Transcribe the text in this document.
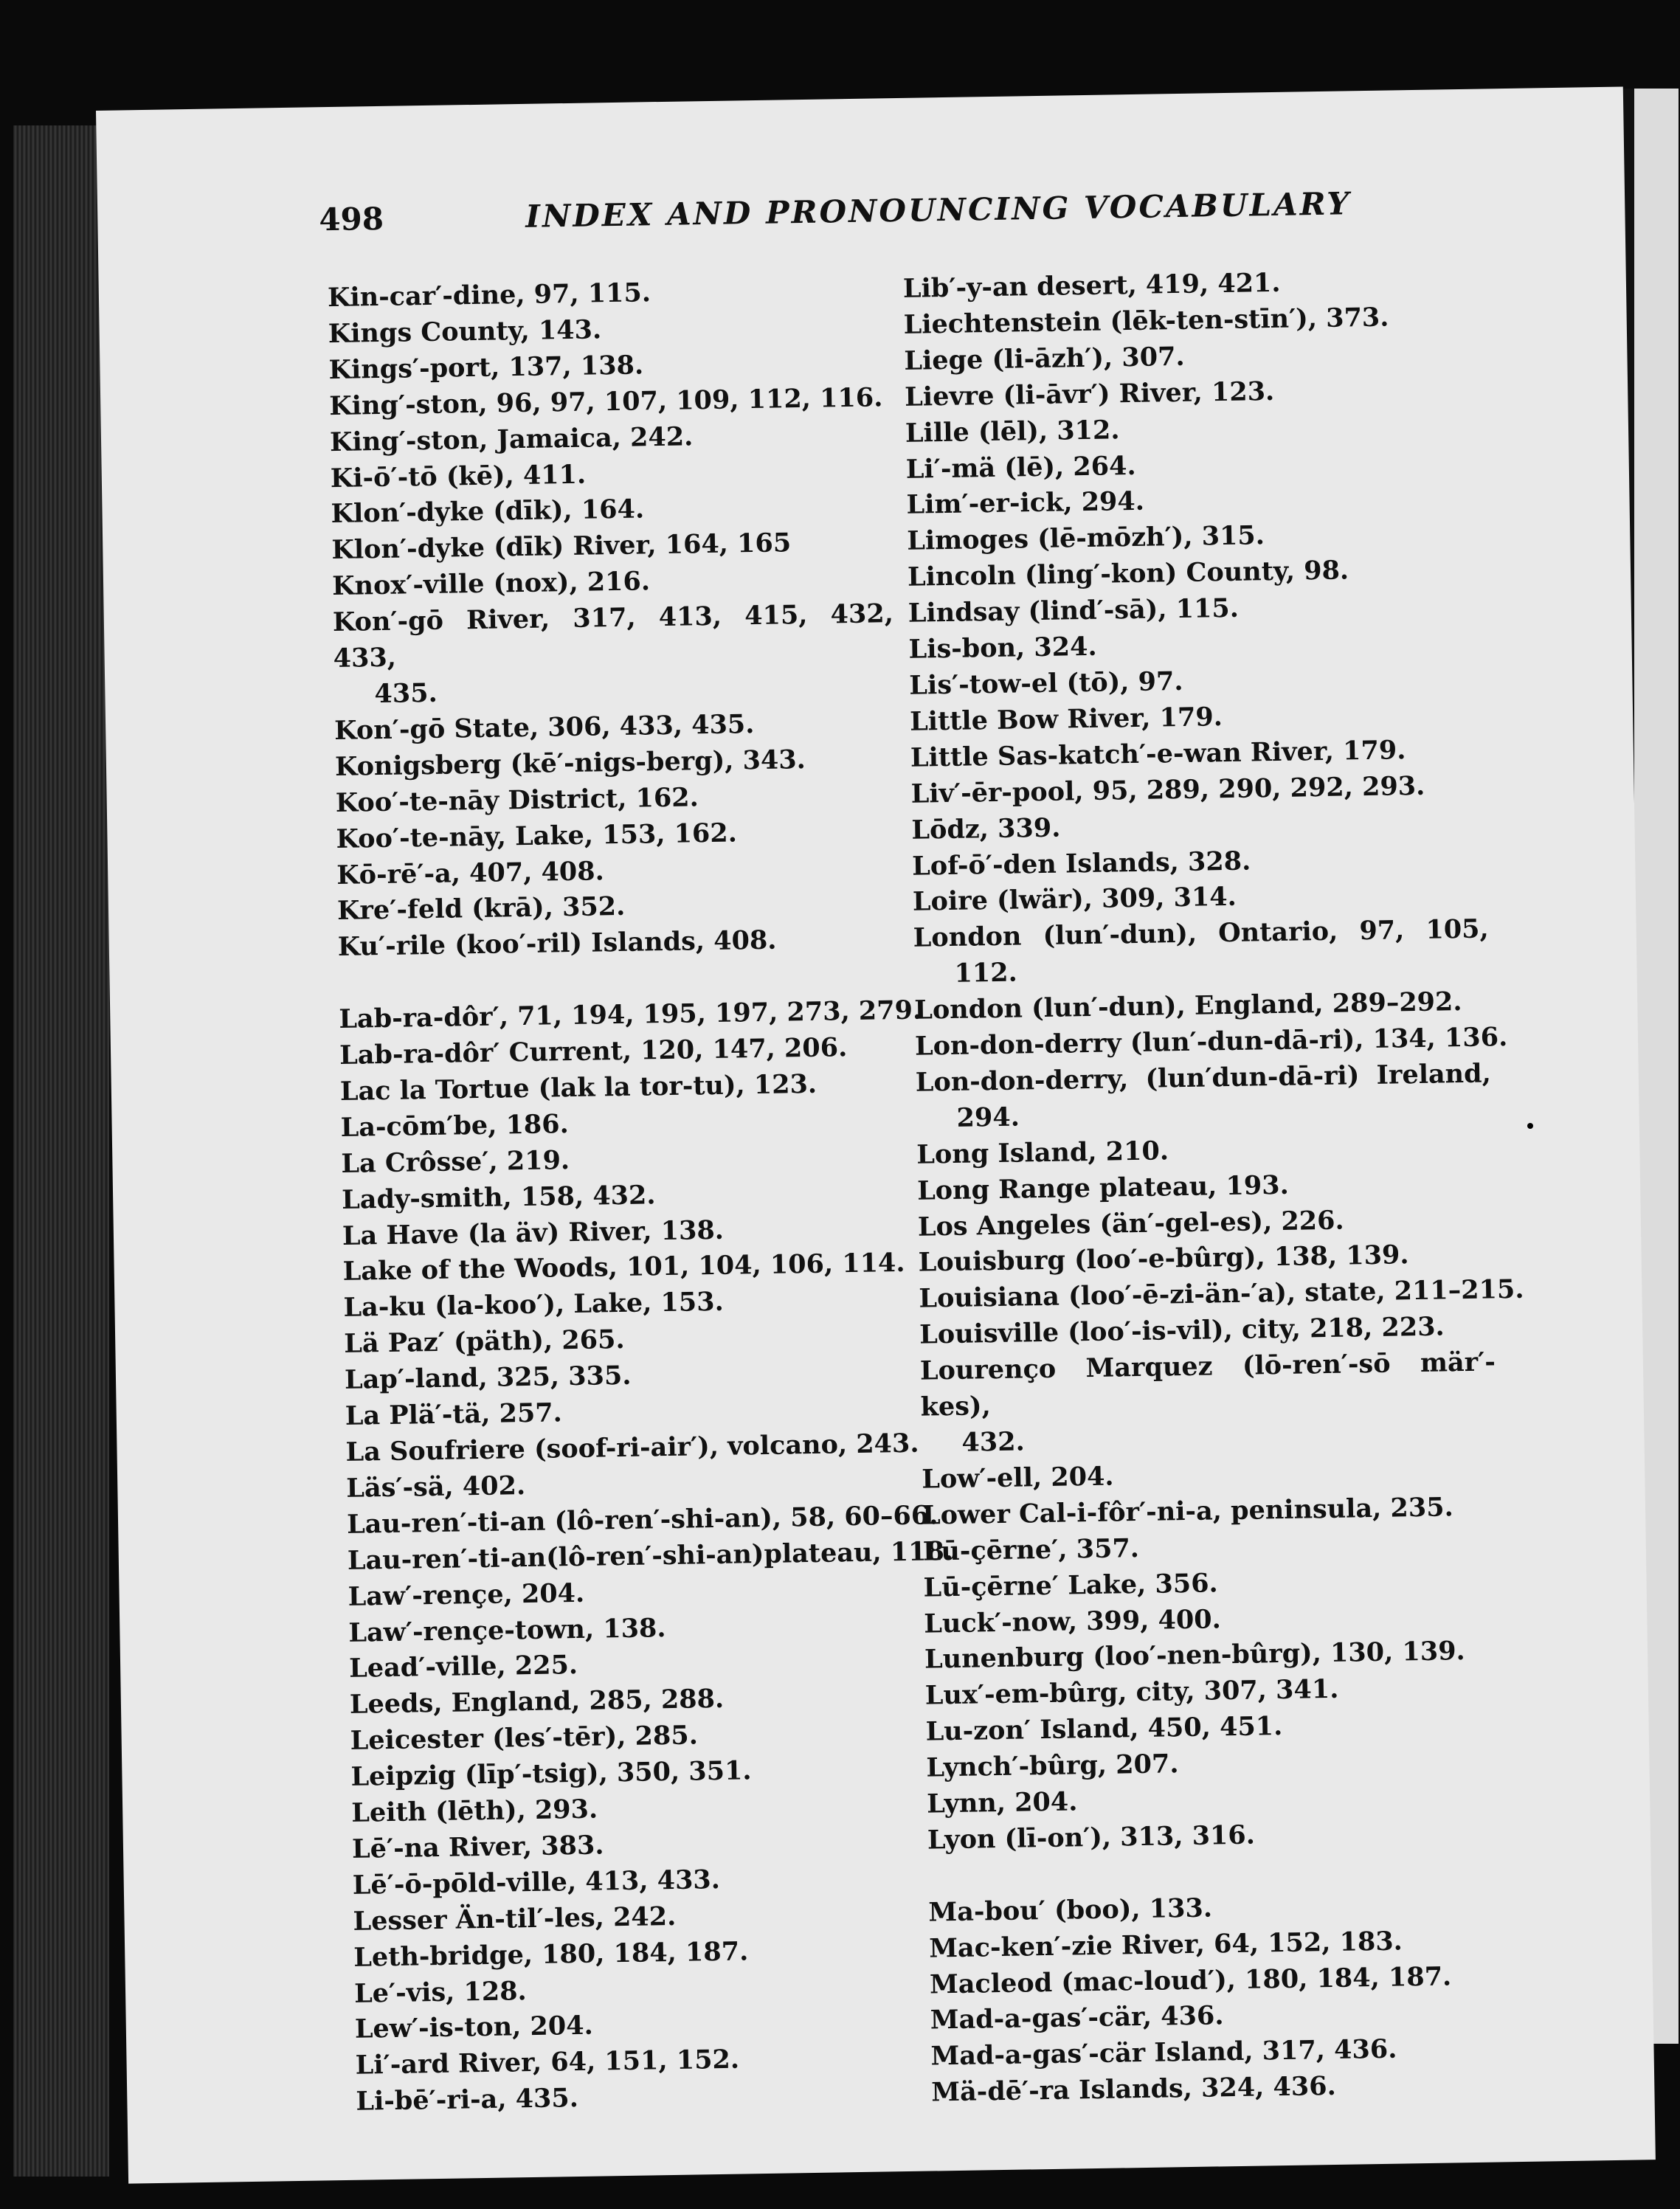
498	INDEX AND PRONOUNCING VOCABULARY
Kin-car′-dine, 97, 115.
Kings County, 143.
Kings′-port, 137, 138.
King′-ston, 96, 97, 107, 109, 112, 116.
King′-ston, Jamaica, 242.
Ki-ō′-tō (kē), 411.
Klon′-dyke (dīk), 164.
Klon′-dyke (dīk) River, 164, 165
Knox′-ville (nox), 216.
Kon′-gō River, 317, 413, 415, 432, 433,
435.
Kon′-gō State, 306, 433, 435.
Konigsberg (kē′-nigs-berg), 343.
Koo′-te-nāy District, 162.
Koo′-te-nāy, Lake, 153, 162.
Kō-rē′-a, 407, 408.
Kre′-feld (krā), 352.
Ku′-rile (koo′-ril) Islands, 408.
Lab-ra-dôr′, 71, 194, 195, 197, 273, 279.
Lab-ra-dôr′ Current, 120, 147, 206.
Lac la Tortue (lak la tor-tu), 123.
La-cōm′be, 186.
La Crôsse′, 219.
Lady-smith, 158, 432.
La Have (la äv) River, 138.
Lake of the Woods, 101, 104, 106, 114.
La-ku (la-koo′), Lake, 153.
Lä Paz′ (päth), 265.
Lap′-land, 325, 335.
La Plä′-tä, 257.
La Soufriere (soof-ri-air′), volcano, 243.
Läs′-sä, 402.
Lau-ren′-ti-an (lô-ren′-shi-an), 58, 60–66.
Lau-ren′-ti-an(lô-ren′-shi-an)plateau, 118.
Law′-rençe, 204.
Law′-rençe-town, 138.
Lead′-ville, 225.
Leeds, England, 285, 288.
Leicester (les′-tēr), 285.
Leipzig (līp′-tsig), 350, 351.
Leith (lēth), 293.
Lē′-na River, 383.
Lē′-ō-pōld-ville, 413, 433.
Lesser Än-til′-les, 242.
Leth-bridge, 180, 184, 187.
Le′-vis, 128.
Lew′-is-ton, 204.
Li′-ard River, 64, 151, 152.
Li-bē′-ri-a, 435.
Lib′-y-an desert, 419, 421.
Liechtenstein (lēk-ten-stīn′), 373.
Liege (li-āzh′), 307.
Lievre (li-āvr′) River, 123.
Lille (lēl), 312.
Li′-mä (lē), 264.
Lim′-er-ick, 294.
Limoges (lē-mōzh′), 315.
Lincoln (ling′-kon) County, 98.
Lindsay (lind′-sā), 115.
Lis-bon, 324.
Lis′-tow-el (tō), 97.
Little Bow River, 179.
Little Sas-katch′-e-wan River, 179.
Liv′-ēr-pool, 95, 289, 290, 292, 293.
Lōdz, 339.
Lof-ō′-den Islands, 328.
Loire (lwär), 309, 314.
London (lun′-dun), Ontario, 97, 105,
112.
London (lun′-dun), England, 289–292.
Lon-don-derry (lun′-dun-dā-ri), 134, 136.
Lon-don-derry, (lun′dun-dā-ri) Ireland,
294.
Long Island, 210.
Long Range plateau, 193.
Los Angeles (än′-gel-es), 226.
Louisburg (loo′-e-bûrg), 138, 139.
Louisiana (loo′-ē-zi-än-′a), state, 211–215.
Louisville (loo′-is-vil), city, 218, 223.
Lourenço Marquez (lō-ren′-sō mär′-kes),
432.
Low′-ell, 204.
Lower Cal-i-fôr′-ni-a, peninsula, 235.
Lū-çērne′, 357.
Lū-çērne′ Lake, 356.
Luck′-now, 399, 400.
Lunenburg (loo′-nen-bûrg), 130, 139.
Lux′-em-bûrg, city, 307, 341.
Lu-zon′ Island, 450, 451.
Lynch′-bûrg, 207.
Lynn, 204.
Lyon (lī-on′), 313, 316.
Ma-bou′ (boo), 133.
Mac-ken′-zie River, 64, 152, 183.
Macleod (mac-loud′), 180, 184, 187.
Mad-a-gas′-cär, 436.
Mad-a-gas′-cär Island, 317, 436.
Mä-dē′-ra Islands, 324, 436.
